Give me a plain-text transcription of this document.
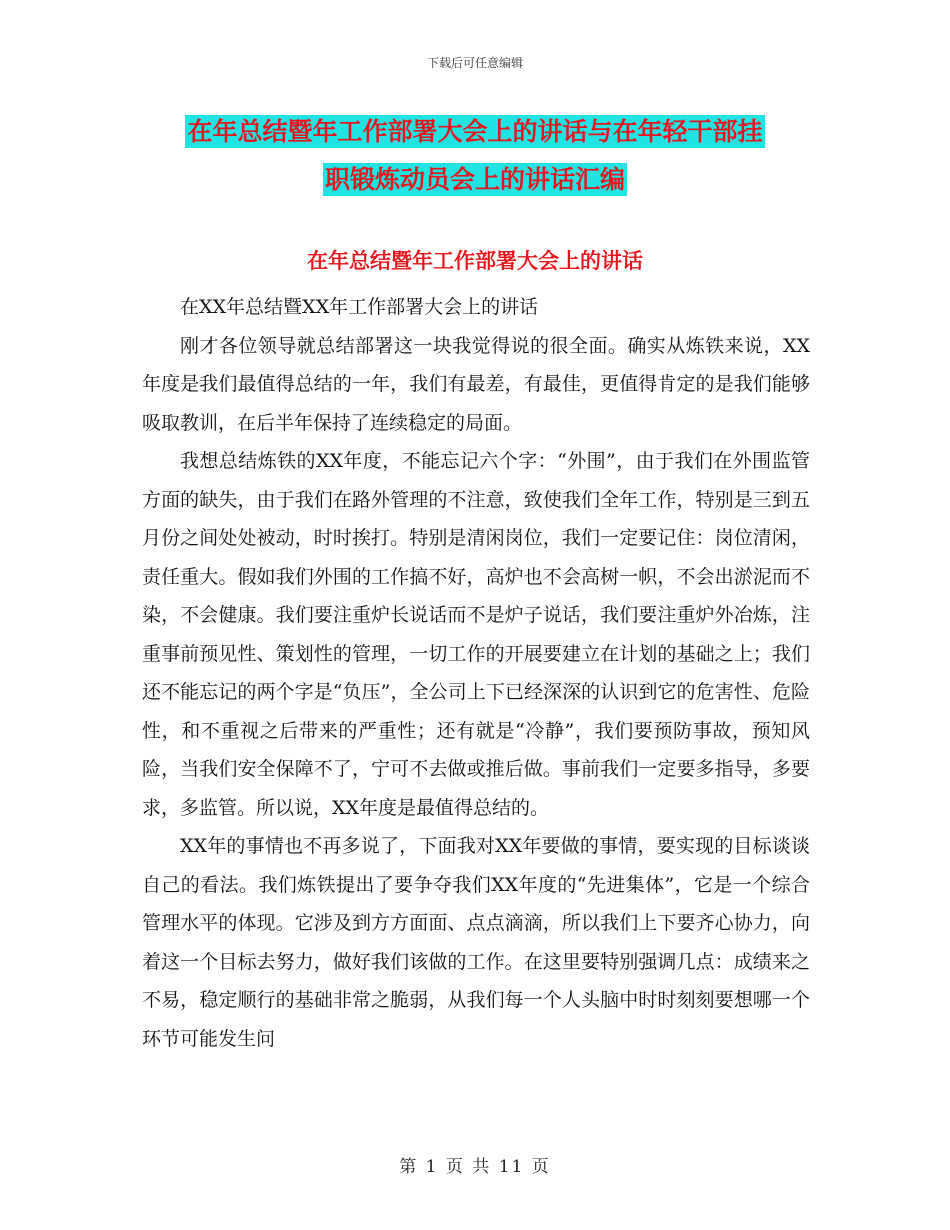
下载后可任意编辑
在年总结暨年工作部署大会上的讲话与在年轻干部挂
职锻炼动员会上的讲话汇编
在年总结暨年工作部署大会上的讲话

在XX年总结暨XX年工作部署大会上的讲话

刚才各位领导就总结部署这一块我觉得说的很全面。确实从炼铁来说，XX年度是我们最值得总结的一年，我们有最差，有最佳，更值得肯定的是我们能够吸取教训，在后半年保持了连续稳定的局面。

我想总结炼铁的XX年度，不能忘记六个字：“外围”，由于我们在外围监管方面的缺失，由于我们在路外管理的不注意，致使我们全年工作，特别是三到五月份之间处处被动，时时挨打。特别是清闲岗位，我们一定要记住：岗位清闲，责任重大。假如我们外围的工作搞不好，高炉也不会高树一帜，不会出淤泥而不染，不会健康。我们要注重炉长说话而不是炉子说话，我们要注重炉外冶炼，注重事前预见性、策划性的管理，一切工作的开展要建立在计划的基础之上；我们还不能忘记的两个字是“负压”，全公司上下已经深深的认识到它的危害性、危险性，和不重视之后带来的严重性；还有就是“冷静”，我们要预防事故，预知风险，当我们安全保障不了，宁可不去做或推后做。事前我们一定要多指导，多要求，多监管。所以说，XX年度是最值得总结的。

XX年的事情也不再多说了，下面我对XX年要做的事情，要实现的目标谈谈自己的看法。我们炼铁提出了要争夺我们XX年度的“先进集体”，它是一个综合管理水平的体现。它涉及到方方面面、点点滴滴，所以我们上下要齐心协力，向着这一个目标去努力，做好我们该做的工作。在这里要特别强调几点：成绩来之不易，稳定顺行的基础非常之脆弱，从我们每一个人头脑中时时刻刻要想哪一个环节可能发生问

第 1 页 共 11 页
